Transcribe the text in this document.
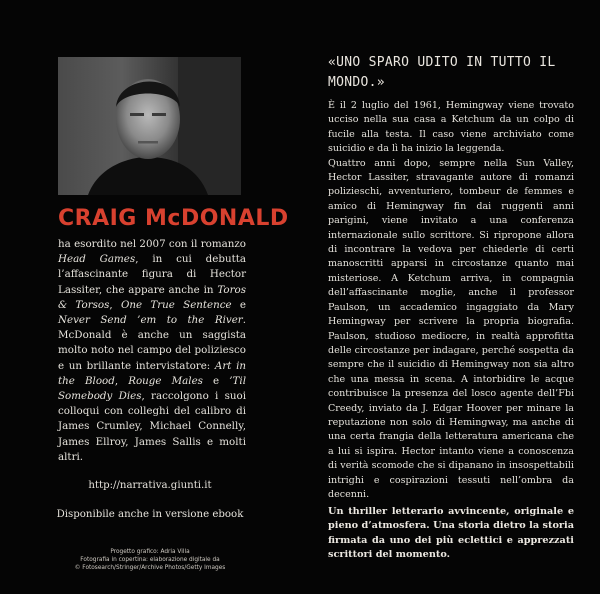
CRAIG McDONALD
ha esordito nel 2007 con il romanzo Head Games, in cui debutta l’affascinante figura di Hector Lassiter, che appare anche in Toros & Torsos, One True Sentence e Never Send ’em to the River. McDonald è anche un saggista molto noto nel campo del poliziesco e un brillante intervistatore: Art in the Blood, Rouge Males e ’Til Somebody Dies, raccolgono i suoi colloqui con colleghi del calibro di James Crumley, Michael Connelly, James Ellroy, James Sallis e molti altri.
http://narrativa.giunti.it
Disponibile anche in versione ebook
Progetto grafico: Adria Villa
Fotografia in copertina: elaborazione digitale da
© Fotosearch/Stringer/Archive Photos/Getty Images
«UNO SPARO UDITO IN TUTTO IL MONDO.»

È il 2 luglio del 1961, Hemingway viene trovato ucciso nella sua casa a Ketchum da un colpo di fucile alla testa. Il caso viene archiviato come suicidio e da lì ha inizio la leggenda.

Quattro anni dopo, sempre nella Sun Valley, Hector Lassiter, stravagante autore di romanzi polizieschi, avventuriero, tombeur de femmes e amico di Hemingway fin dai ruggenti anni parigini, viene invitato a una conferenza internazionale sullo scrittore. Si ripropone allora di incontrare la vedova per chiederle di certi manoscritti apparsi in circostanze quanto mai misteriose. A Ketchum arriva, in compagnia dell’affascinante moglie, anche il professor Paulson, un accademico ingaggiato da Mary Hemingway per scrivere la propria biografia. Paulson, studioso mediocre, in realtà approfitta delle circostanze per indagare, perché sospetta da sempre che il suicidio di Hemingway non sia altro che una messa in scena. A intorbidire le acque contribuisce la presenza del losco agente dell’Fbi Creedy, inviato da J. Edgar Hoover per minare la reputazione non solo di Hemingway, ma anche di una certa frangia della letteratura americana che a lui si ispira. Hector intanto viene a conoscenza di verità scomode che si dipanano in insospettabili intrighi e cospirazioni tessuti nell’ombra da decenni.

Un thriller letterario avvincente, originale e pieno d’atmosfera. Una storia dietro la storia firmata da uno dei più eclettici e apprezzati scrittori del momento.
